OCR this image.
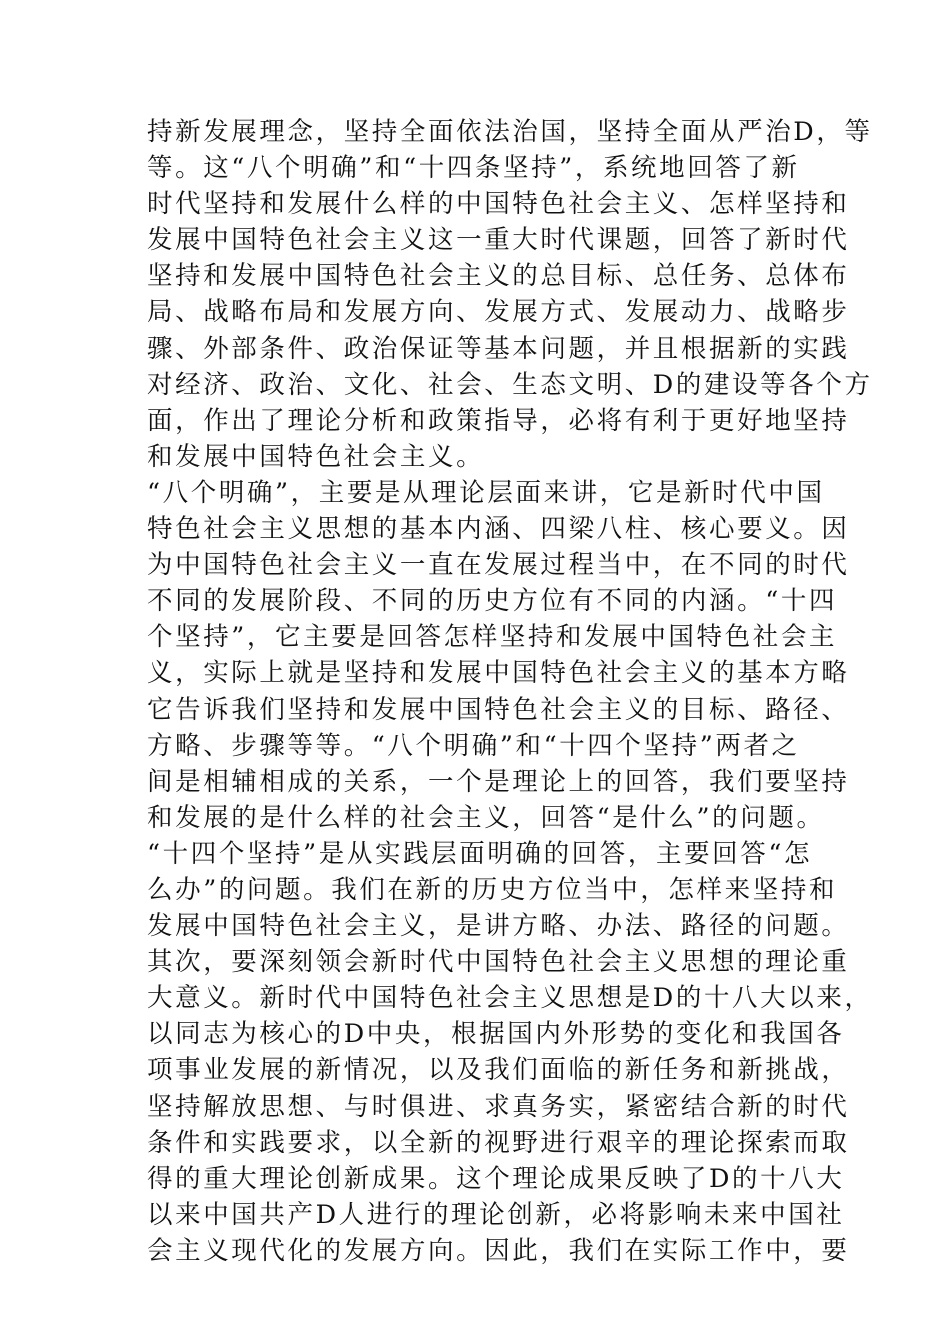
持新发展理念，坚持全面依法治国，坚持全面从严治D，等
等。这“八个明确”和“十四条坚持”，系统地回答了新
时代坚持和发展什么样的中国特色社会主义、怎样坚持和
发展中国特色社会主义这一重大时代课题，回答了新时代
坚持和发展中国特色社会主义的总目标、总任务、总体布
局、战略布局和发展方向、发展方式、发展动力、战略步
骤、外部条件、政治保证等基本问题，并且根据新的实践
对经济、政治、文化、社会、生态文明、D的建设等各个方
面，作出了理论分析和政策指导，必将有利于更好地坚持
和发展中国特色社会主义。
“八个明确”，主要是从理论层面来讲，它是新时代中国
特色社会主义思想的基本内涵、四梁八柱、核心要义。因
为中国特色社会主义一直在发展过程当中，在不同的时代
不同的发展阶段、不同的历史方位有不同的内涵。“十四
个坚持”，它主要是回答怎样坚持和发展中国特色社会主
义，实际上就是坚持和发展中国特色社会主义的基本方略
它告诉我们坚持和发展中国特色社会主义的目标、路径、
方略、步骤等等。“八个明确”和“十四个坚持”两者之
间是相辅相成的关系，一个是理论上的回答，我们要坚持
和发展的是什么样的社会主义，回答“是什么”的问题。
“十四个坚持”是从实践层面明确的回答，主要回答“怎
么办”的问题。我们在新的历史方位当中，怎样来坚持和
发展中国特色社会主义，是讲方略、办法、路径的问题。
其次，要深刻领会新时代中国特色社会主义思想的理论重
大意义。新时代中国特色社会主义思想是D的十八大以来，
以同志为核心的D中央，根据国内外形势的变化和我国各
项事业发展的新情况，以及我们面临的新任务和新挑战，
坚持解放思想、与时俱进、求真务实，紧密结合新的时代
条件和实践要求，以全新的视野进行艰辛的理论探索而取
得的重大理论创新成果。这个理论成果反映了D的十八大
以来中国共产D人进行的理论创新，必将影响未来中国社
会主义现代化的发展方向。因此，我们在实际工作中，要
